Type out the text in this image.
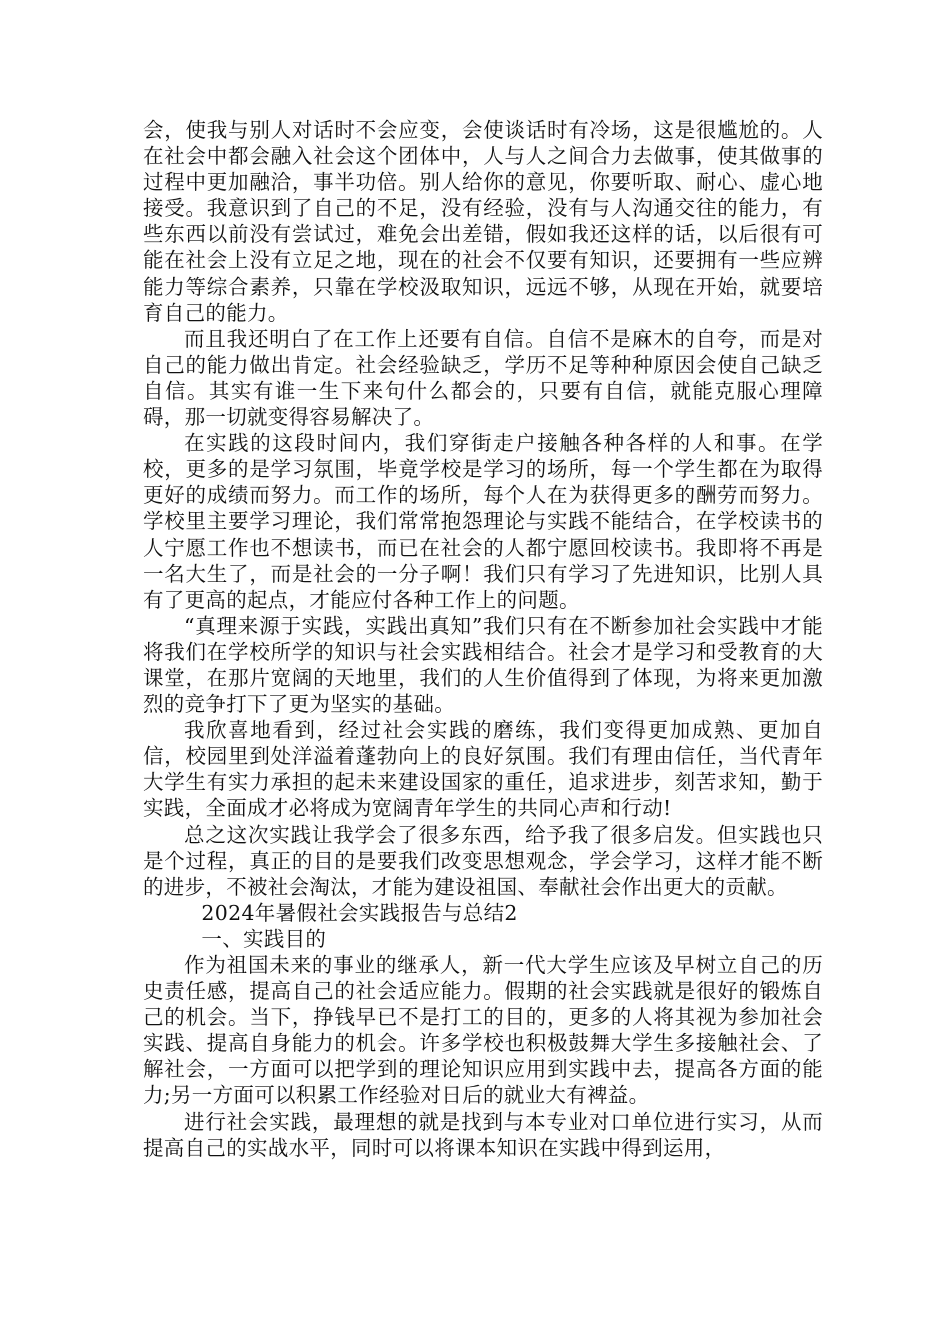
会，使我与别人对话时不会应变，会使谈话时有冷场，这是很尴尬的。人在社会中都会融入社会这个团体中，人与人之间合力去做事，使其做事的过程中更加融洽，事半功倍。别人给你的意见，你要听取、耐心、虚心地接受。我意识到了自己的不足，没有经验，没有与人沟通交往的能力，有些东西以前没有尝试过，难免会出差错，假如我还这样的话，以后很有可能在社会上没有立足之地，现在的社会不仅要有知识，还要拥有一些应辨能力等综合素养，只靠在学校汲取知识，远远不够，从现在开始，就要培育自己的能力。

而且我还明白了在工作上还要有自信。自信不是麻木的自夸，而是对自己的能力做出肯定。社会经验缺乏，学历不足等种种原因会使自己缺乏自信。其实有谁一生下来句什么都会的，只要有自信，就能克服心理障碍，那一切就变得容易解决了。

在实践的这段时间内，我们穿街走户接触各种各样的人和事。在学校，更多的是学习氛围，毕竟学校是学习的场所，每一个学生都在为取得更好的成绩而努力。而工作的场所，每个人在为获得更多的酬劳而努力。学校里主要学习理论，我们常常抱怨理论与实践不能结合，在学校读书的人宁愿工作也不想读书，而已在社会的人都宁愿回校读书。我即将不再是一名大生了，而是社会的一分子啊！我们只有学习了先进知识，比别人具有了更高的起点，才能应付各种工作上的问题。

“真理来源于实践，实践出真知”我们只有在不断参加社会实践中才能将我们在学校所学的知识与社会实践相结合。社会才是学习和受教育的大课堂，在那片宽阔的天地里，我们的人生价值得到了体现，为将来更加激烈的竞争打下了更为坚实的基础。

我欣喜地看到，经过社会实践的磨练，我们变得更加成熟、更加自信，校园里到处洋溢着蓬勃向上的良好氛围。我们有理由信任，当代青年大学生有实力承担的起未来建设国家的重任，追求进步，刻苦求知，勤于实践，全面成才必将成为宽阔青年学生的共同心声和行动!

总之这次实践让我学会了很多东西，给予我了很多启发。但实践也只是个过程，真正的目的是要我们改变思想观念，学会学习，这样才能不断的进步，不被社会淘汰，才能为建设祖国、奉献社会作出更大的贡献。

2024年暑假社会实践报告与总结2

一、实践目的

作为祖国未来的事业的继承人，新一代大学生应该及早树立自己的历史责任感，提高自己的社会适应能力。假期的社会实践就是很好的锻炼自己的机会。当下，挣钱早已不是打工的目的，更多的人将其视为参加社会实践、提高自身能力的机会。许多学校也积极鼓舞大学生多接触社会、了解社会，一方面可以把学到的理论知识应用到实践中去，提高各方面的能力;另一方面可以积累工作经验对日后的就业大有裨益。

进行社会实践，最理想的就是找到与本专业对口单位进行实习，从而提高自己的实战水平，同时可以将课本知识在实践中得到运用，
